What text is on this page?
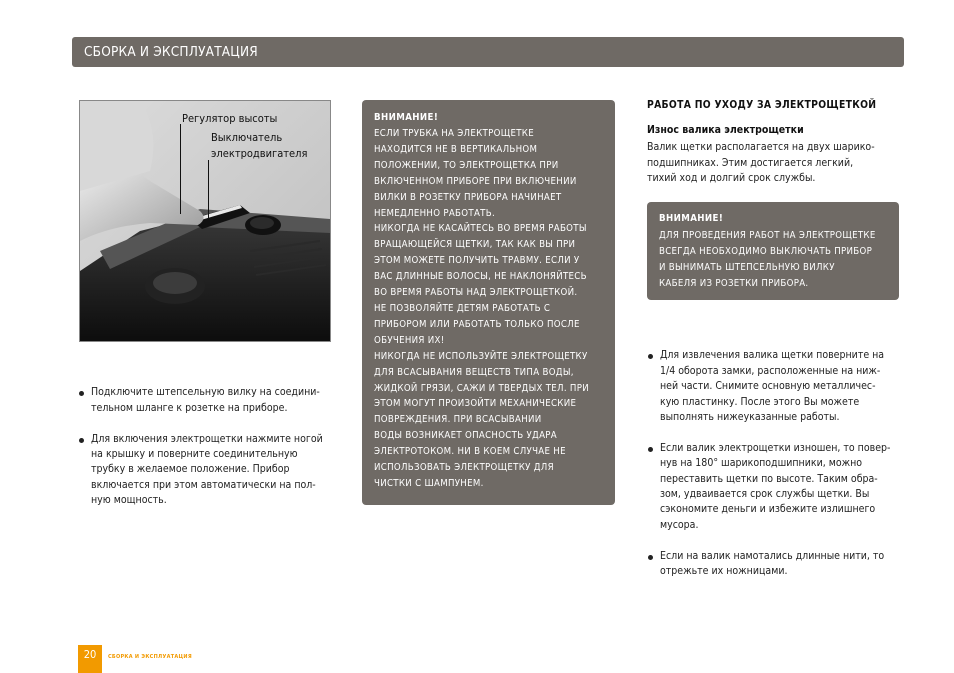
СБОРКА И ЭКСПЛУАТАЦИЯ
Регулятор высоты
Выключатель
электродвигателя

Подключите штепсельную вилку на соедини-
тельном шланге к розетке на приборе.

Для включения электрощетки нажмите ногой
на крышку и поверните соединительную
трубку в желаемое положение. Прибор
включается при этом автоматически на пол-
ную мощность.

ВНИМАНИЕ!
ЕСЛИ ТРУБКА НА ЭЛЕКТРОЩЕТКЕ
НАХОДИТСЯ НЕ В ВЕРТИКАЛЬНОМ
ПОЛОЖЕНИИ, ТО ЭЛЕКТРОЩЕТКА ПРИ
ВКЛЮЧЕННОМ ПРИБОРЕ ПРИ ВКЛЮЧЕНИИ
ВИЛКИ В РОЗЕТКУ ПРИБОРА НАЧИНАЕТ
НЕМЕДЛЕННО РАБОТАТЬ.
НИКОГДА НЕ КАСАЙТЕСЬ ВО ВРЕМЯ РАБОТЫ
ВРАЩАЮЩЕЙСЯ ЩЕТКИ, ТАК КАК ВЫ ПРИ
ЭТОМ МОЖЕТЕ ПОЛУЧИТЬ ТРАВМУ. ЕСЛИ У
ВАС ДЛИННЫЕ ВОЛОСЫ, НЕ НАКЛОНЯЙТЕСЬ
ВО ВРЕМЯ РАБОТЫ НАД ЭЛЕКТРОЩЕТКОЙ.
НЕ ПОЗВОЛЯЙТЕ ДЕТЯМ РАБОТАТЬ С
ПРИБОРОМ ИЛИ РАБОТАТЬ ТОЛЬКО ПОСЛЕ
ОБУЧЕНИЯ ИХ!
НИКОГДА НЕ ИСПОЛЬЗУЙТЕ ЭЛЕКТРОЩЕТКУ
ДЛЯ ВСАСЫВАНИЯ ВЕЩЕСТВ ТИПА ВОДЫ,
ЖИДКОЙ ГРЯЗИ, САЖИ И ТВЕРДЫХ ТЕЛ. ПРИ
ЭТОМ МОГУТ ПРОИЗОЙТИ МЕХАНИЧЕСКИЕ
ПОВРЕЖДЕНИЯ. ПРИ ВСАСЫВАНИИ
ВОДЫ ВОЗНИКАЕТ ОПАСНОСТЬ УДАРА
ЭЛЕКТРОТОКОМ. НИ В КОЕМ СЛУЧАЕ НЕ
ИСПОЛЬЗОВАТЬ ЭЛЕКТРОЩЕТКУ ДЛЯ
ЧИСТКИ С ШАМПУНЕМ.
РАБОТА ПО УХОДУ ЗА ЭЛЕКТРОЩЕТКОЙ
Износ валика электрощетки
Валик щетки располагается на двух шарико-
подшипниках. Этим достигается легкий,
тихий ход и долгий срок службы.
ВНИМАНИЕ!
ДЛЯ ПРОВЕДЕНИЯ РАБОТ НА ЭЛЕКТРОЩЕТКЕ
ВСЕГДА НЕОБХОДИМО ВЫКЛЮЧАТЬ ПРИБОР
И ВЫНИМАТЬ ШТЕПСЕЛЬНУЮ ВИЛКУ
КАБЕЛЯ ИЗ РОЗЕТКИ ПРИБОРА.

Для извлечения валика щетки поверните на
1/4 оборота замки, расположенные на ниж-
ней части. Снимите основную металличес-
кую пластинку. После этого Вы можете
выполнять нижеуказанные работы.

Если валик электрощетки изношен, то повер-
нув на 180° шарикоподшипники, можно
переставить щетки по высоте. Таким обра-
зом, удваивается срок службы щетки. Вы
сэкономите деньги и избежите излишнего
мусора.

Если на валик намотались длинные нити, то
отрежьте их ножницами.

20	СБОРКА И ЭКСПЛУАТАЦИЯ
